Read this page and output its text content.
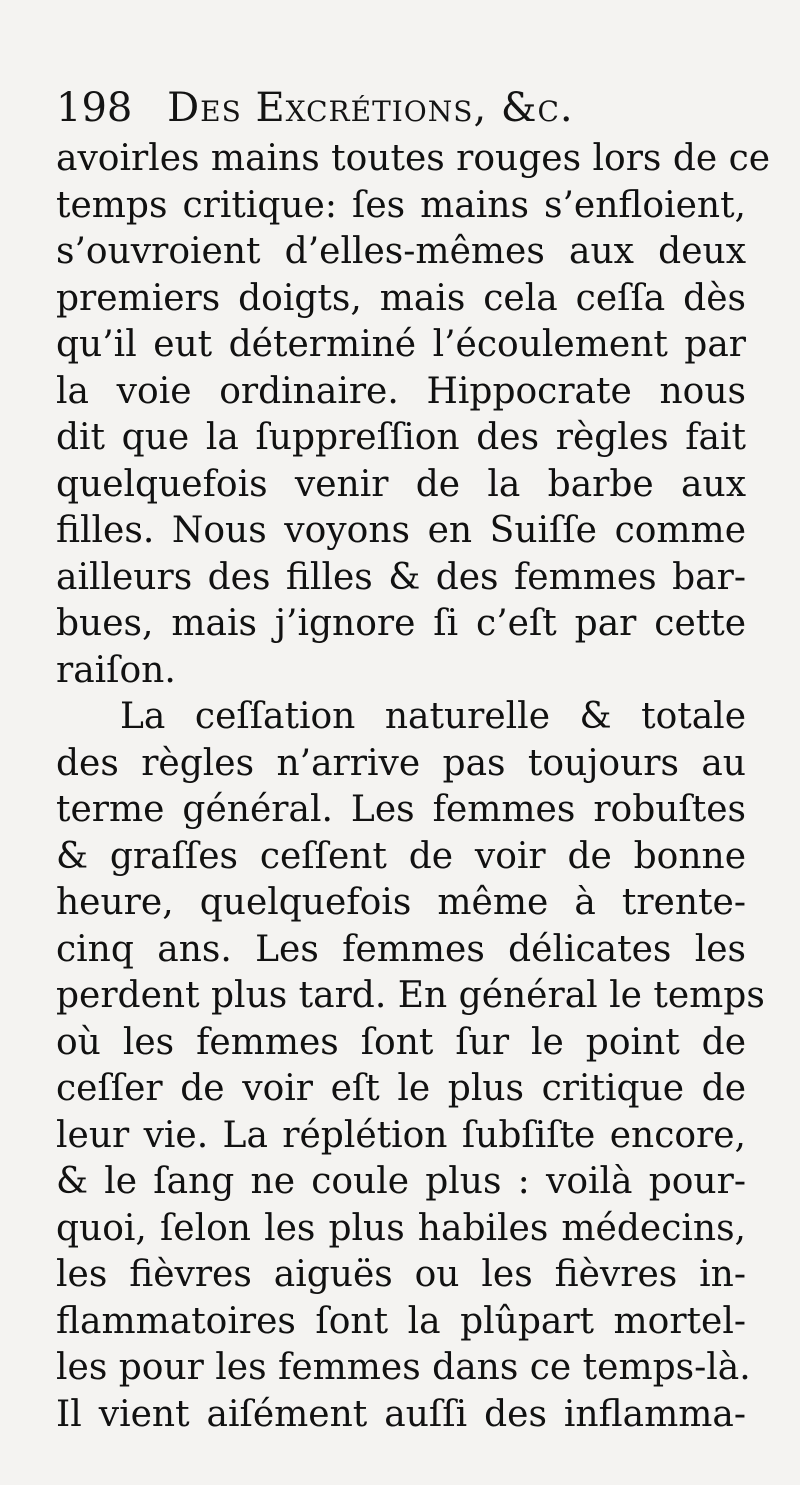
198 Des Excrétions, &c.
avoirles mains toutes rouges lors de ce
temps critique: ſes mains s’enfloient,
s’ouvroient d’elles-mêmes aux deux
premiers doigts, mais cela ceſſa dès
qu’il eut déterminé l’écoulement par
la voie ordinaire. Hippocrate nous
dit que la ſuppreſſion des règles fait
quelquefois venir de la barbe aux
filles. Nous voyons en Suiſſe comme
ailleurs des filles & des femmes bar-
bues, mais j’ignore ſi c’eſt par cette
raiſon.
La ceſſation naturelle & totale
des règles n’arrive pas toujours au
terme général. Les femmes robuſtes
& graſſes ceſſent de voir de bonne
heure, quelquefois même à trente-
cinq ans. Les femmes délicates les
perdent plus tard. En général le temps
où les femmes ſont ſur le point de
ceſſer de voir eſt le plus critique de
leur vie. La réplétion ſubſiſte encore,
& le ſang ne coule plus : voilà pour-
quoi, ſelon les plus habiles médecins,
les fièvres aiguës ou les fièvres in-
flammatoires ſont la plûpart mortel-
les pour les femmes dans ce temps-là.
Il vient aiſément auſſi des inflamma-
